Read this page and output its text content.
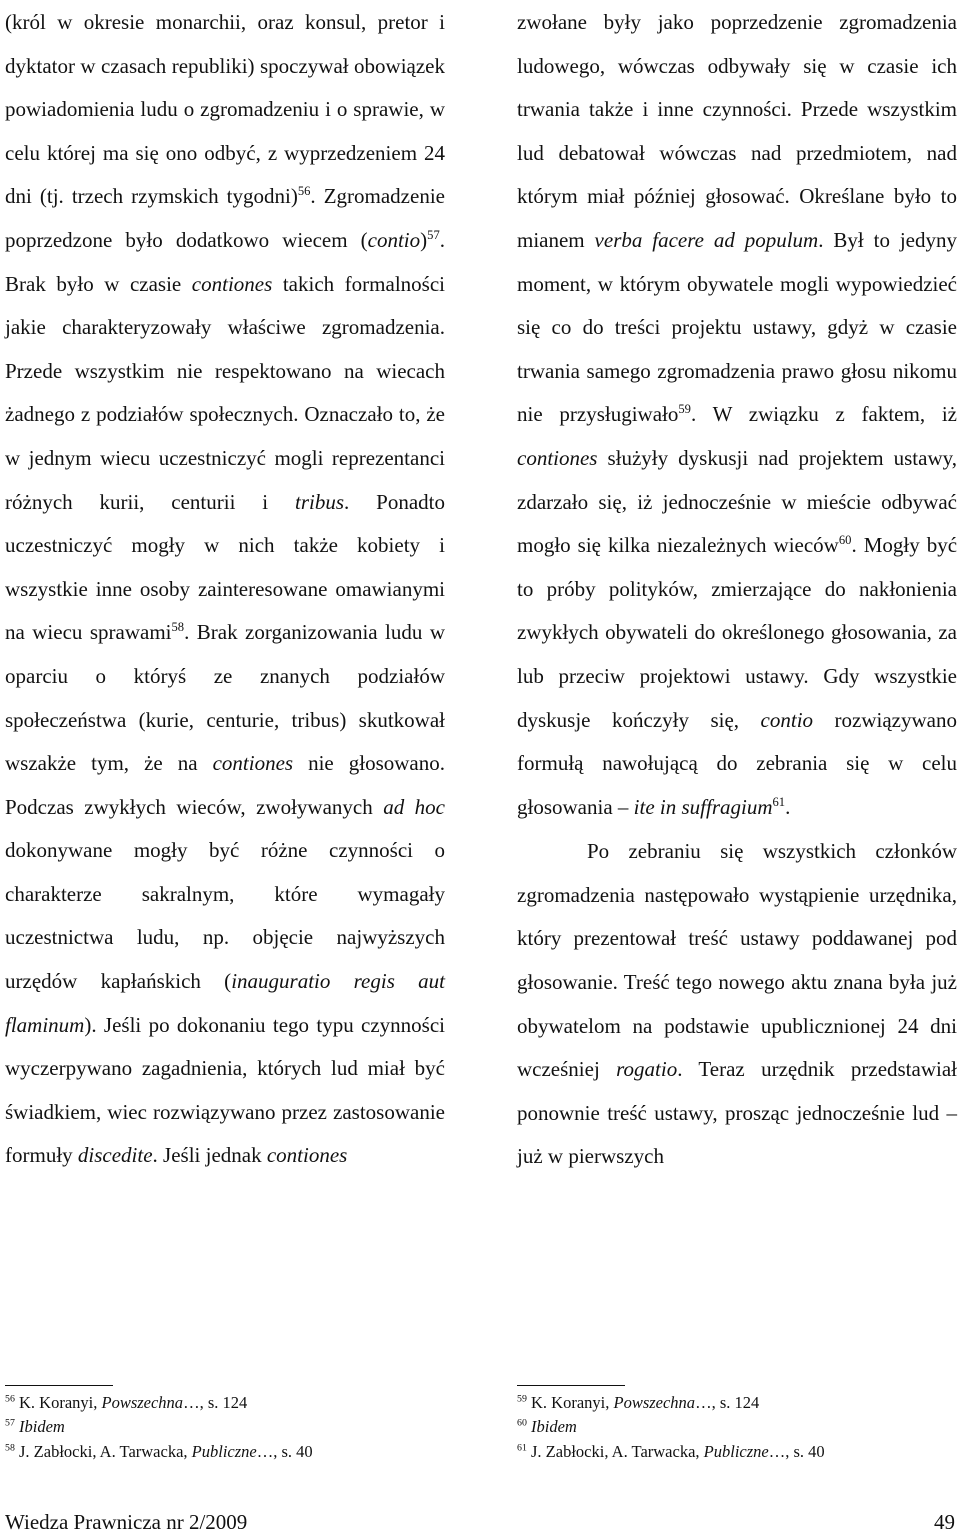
(król w okresie monarchii, oraz konsul, pretor i dyktator w czasach republiki) spoczywał obowiązek powiadomienia ludu o zgromadzeniu i o sprawie, w celu której ma się ono odbyć, z wyprzedzeniem 24 dni (tj. trzech rzymskich tygodni)$^{56}$. Zgromadzenie poprzedzone było dodatkowo wiecem (contio)$^{57}$. Brak było w czasie contiones takich formalności jakie charakteryzowały właściwe zgromadzenia. Przede wszystkim nie respektowano na wiecach żadnego z podziałów społecznych. Oznaczało to, że w jednym wiecu uczestniczyć mogli reprezentanci różnych kurii, centurii i tribus. Ponadto uczestniczyć mogły w nich także kobiety i wszystkie inne osoby zainteresowane omawianymi na wiecu sprawami$^{58}$. Brak zorganizowania ludu w oparciu o któryś ze znanych podziałów społeczeństwa (kurie, centurie, tribus) skutkował wszakże tym, że na contiones nie głosowano. Podczas zwykłych wieców, zwoływanych ad hoc dokonywane mogły być różne czynności o charakterze sakralnym, które wymagały uczestnictwa ludu, np. objęcie najwyższych urzędów kapłańskich (inauguratio regis aut flaminum). Jeśli po dokonaniu tego typu czynności wyczerpywano zagadnienia, których lud miał być świadkiem, wiec rozwiązywano przez zastosowanie formuły discedite. Jeśli jednak contiones

$^{56}$ K. Koranyi, Powszechna…, s. 124

$^{57}$ Ibidem

$^{58}$ J. Zabłocki, A. Tarwacka, Publiczne…, s. 40

zwołane były jako poprzedzenie zgromadzenia ludowego, wówczas odbywały się w czasie ich trwania także i inne czynności. Przede wszystkim lud debatował wówczas nad przedmiotem, nad którym miał później głosować. Określane było to mianem verba facere ad populum. Był to jedyny moment, w którym obywatele mogli wypowiedzieć się co do treści projektu ustawy, gdyż w czasie trwania samego zgromadzenia prawo głosu nikomu nie przysługiwało$^{59}$. W związku z faktem, iż contiones służyły dyskusji nad projektem ustawy, zdarzało się, iż jednocześnie w mieście odbywać mogło się kilka niezależnych wieców$^{60}$. Mogły być to próby polityków, zmierzające do nakłonienia zwykłych obywateli do określonego głosowania, za lub przeciw projektowi ustawy. Gdy wszystkie dyskusje kończyły się, contio rozwiązywano formułą nawołującą do zebrania się w celu głosowania – ite in suffragium$^{61}$.

Po zebraniu się wszystkich członków zgromadzenia następowało wystąpienie urzędnika, który prezentował treść ustawy poddawanej pod głosowanie. Treść tego nowego aktu znana była już obywatelom na podstawie upublicznionej 24 dni wcześniej rogatio. Teraz urzędnik przedstawiał ponownie treść ustawy, prosząc jednocześnie lud – już w pierwszych

$^{59}$ K. Koranyi, Powszechna…, s. 124

$^{60}$ Ibidem

$^{61}$ J. Zabłocki, A. Tarwacka, Publiczne…, s. 40

Wiedza Prawnicza nr 2/2009	49
